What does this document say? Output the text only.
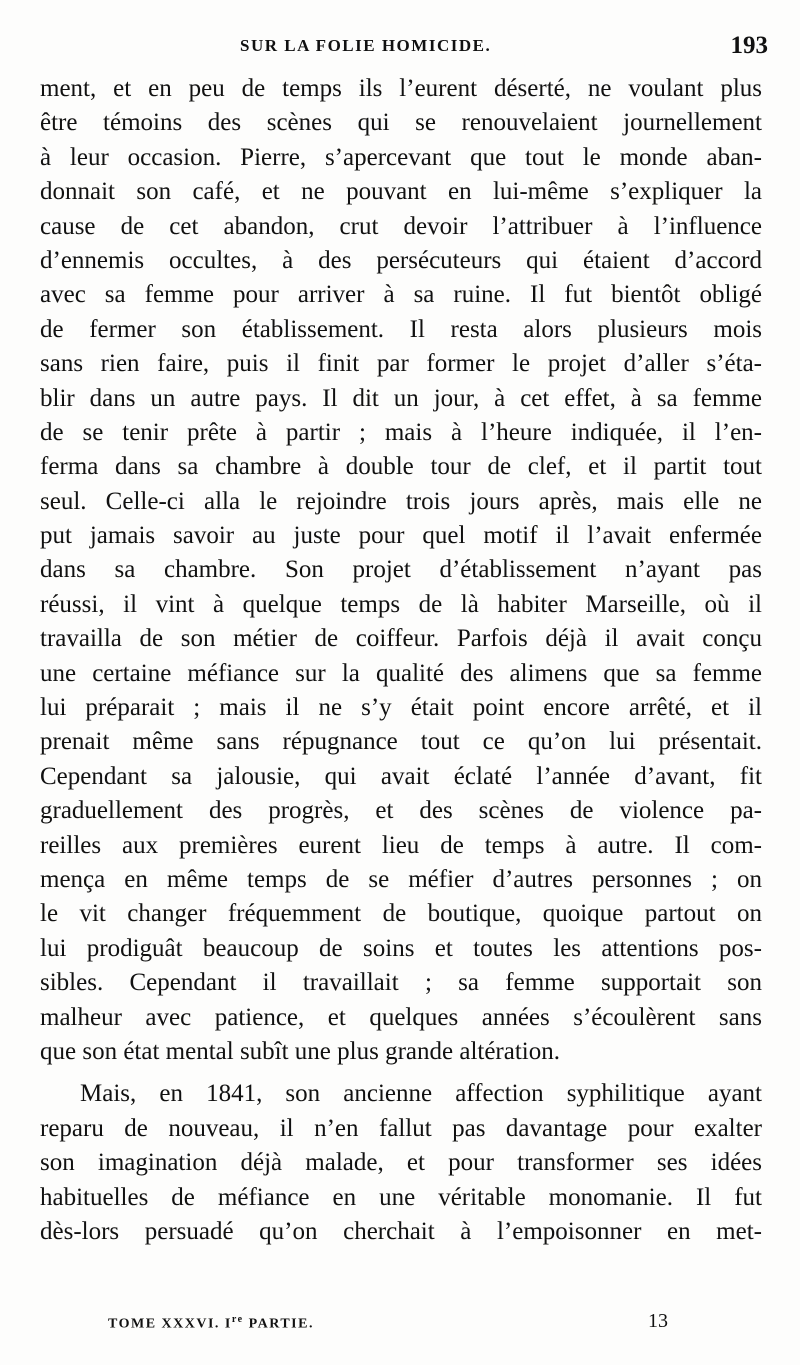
SUR LA FOLIE HOMICIDE.	193
ment, et en peu de temps ils l’eurent déserté, ne voulant plus
être témoins des scènes qui se renouvelaient journellement
à leur occasion. Pierre, s’apercevant que tout le monde aban-
donnait son café, et ne pouvant en lui-même s’expliquer la
cause de cet abandon, crut devoir l’attribuer à l’influence
d’ennemis occultes, à des persécuteurs qui étaient d’accord
avec sa femme pour arriver à sa ruine. Il fut bientôt obligé
de fermer son établissement. Il resta alors plusieurs mois
sans rien faire, puis il finit par former le projet d’aller s’éta-
blir dans un autre pays. Il dit un jour, à cet effet, à sa femme
de se tenir prête à partir ; mais à l’heure indiquée, il l’en-
ferma dans sa chambre à double tour de clef, et il partit tout
seul. Celle-ci alla le rejoindre trois jours après, mais elle ne
put jamais savoir au juste pour quel motif il l’avait enfermée
dans sa chambre. Son projet d’établissement n’ayant pas
réussi, il vint à quelque temps de là habiter Marseille, où il
travailla de son métier de coiffeur. Parfois déjà il avait conçu
une certaine méfiance sur la qualité des alimens que sa femme
lui préparait ; mais il ne s’y était point encore arrêté, et il
prenait même sans répugnance tout ce qu’on lui présentait.
Cependant sa jalousie, qui avait éclaté l’année d’avant, fit
graduellement des progrès, et des scènes de violence pa-
reilles aux premières eurent lieu de temps à autre. Il com-
mença en même temps de se méfier d’autres personnes ; on
le vit changer fréquemment de boutique, quoique partout on
lui prodiguât beaucoup de soins et toutes les attentions pos-
sibles. Cependant il travaillait ; sa femme supportait son
malheur avec patience, et quelques années s’écoulèrent sans
que son état mental subît une plus grande altération.
Mais, en 1841, son ancienne affection syphilitique ayant
reparu de nouveau, il n’en fallut pas davantage pour exalter
son imagination déjà malade, et pour transformer ses idées
habituelles de méfiance en une véritable monomanie. Il fut
dès-lors persuadé qu’on cherchait à l’empoisonner en met-
TOME XXXVI. Ire PARTIE.	13
